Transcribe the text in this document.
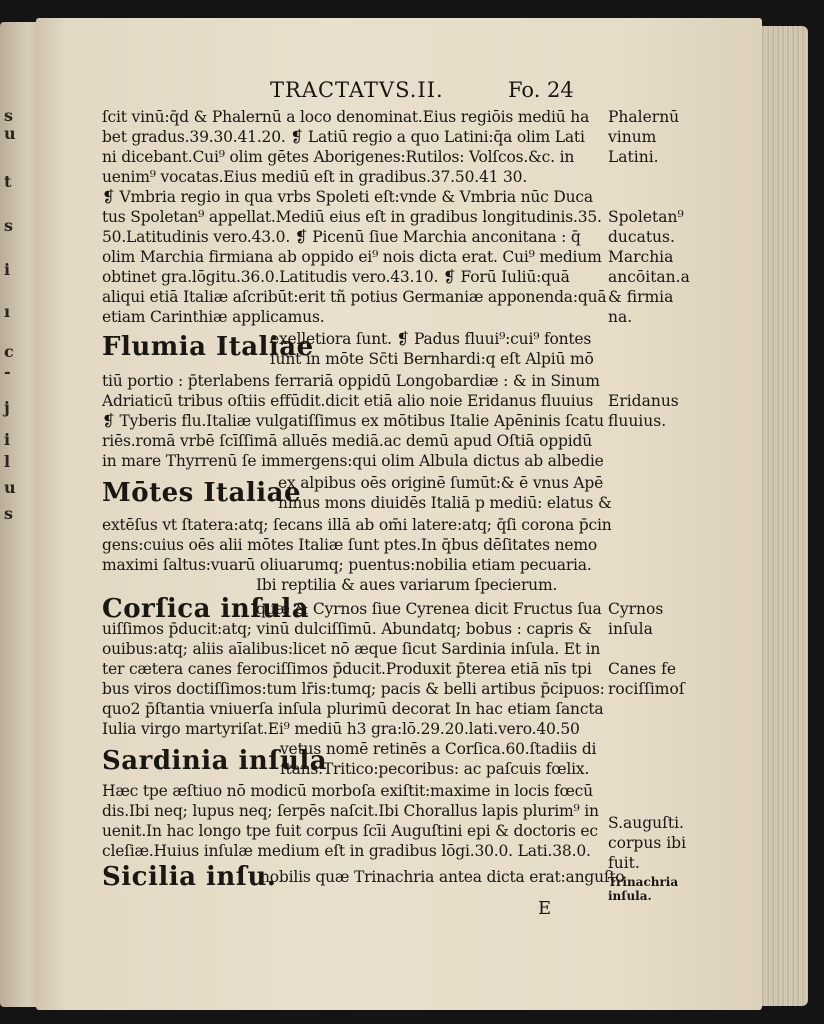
s
u
t
s
i
ı
c
-
j
i
l
u
s
TRACTATVS.II.	Fo. 24
ſcit vinū:q̄d & Phalernū a loco denominat.Eius regiōis mediū ha
bet gradus.39.30.41.20. ❡ Latiū regio a quo Latini:q̄a olim Lati
ni dicebant.Cui⁹ olim gētes Aborigenes:Rutilos: Volſcos.&c. in
uenim⁹ vocatas.Eius mediū eſt in gradibus.37.50.41 30.
❡ Vmbria regio in qua vrbs Spoleti eſt:vnde & Vmbria nūc Duca
tus Spoletan⁹ appellat.Mediū eius eſt in gradibus longitudinis.35.
50.Latitudinis vero.43.0. ❡ Picenū ſiue Marchia anconitana : q̄
olim Marchia firmiana ab oppido ei⁹ nois dicta erat. Cui⁹ medium
obtinet gra.lōgitu.36.0.Latitudis vero.43.10. ❡ Forū Iuliū:quā
aliqui etiā Italiæ aſcribūt:erit tñ potius Germaniæ apponenda:quā
etiam Carinthiæ applicamus.
Flumia Italiae
exelletiora ſunt. ❡ Padus fluui⁹:cui⁹ fontes
ſunt in mōte Sc̄ti Bernhardi:q eſt Alpiū mō
tiū portio : p̄terlabens ferrariā oppidū Longobardiæ : & in Sinum
Adriaticū tribus oſtiis effūdit.dicit etiā alio noie Eridanus fluuius
❡ Tyberis flu.Italiæ vulgatiſſimus ex mōtibus Italie Apēninis ſcatu
riēs.romā vrbē ſcīſſimā alluēs mediā.ac demū apud Oſtiā oppidū
in mare Thyrrenū ſe immergens:qui olim Albula dictus ab albedie
Mōtes Italiae
ex alpibus oēs originē ſumūt:& ē vnus Apē
ninus mons diuidēs Italiā p mediū: elatus &
extēſus vt ſtatera:atq; ſecans illā ab om̄i latere:atq; q̄ſi corona p̄cin
gens:cuius oēs alii mōtes Italiæ ſunt ptes.In q̄bus dēſitates nemo
maximi ſaltus:vuarū oliuarumq; puentus:nobilia etiam pecuaria.
Ibi reptilia & aues variarum ſpecierum.
Corſica inſula
quæ & Cyrnos ſiue Cyrenea dicit Fructus ſua
uiſſimos p̄ducit:atq; vinū dulciſſimū. Abundatq; bobus : capris &
ouibus:atq; aliis aīalibus:licet nō æque ſicut Sardinia inſula. Et in
ter cætera canes ferociſſimos p̄ducit.Produxit p̄terea etiā nīs tpi
bus viros doctiſſimos:tum lr̄is:tumq; pacis & belli artibus p̄cipuos:
quo2 p̄ſtantia vniuerſa inſula plurimū decorat In hac etiam ſancta
Iulia virgo martyriſat.Ei⁹ mediū h3 gra:lō.29.20.lati.vero.40.50
Sardinia inſula
vetus nomē retinēs a Corſica.60.ſtadiis di
ſtans.Tritico:pecoribus: ac paſcuis fœlix.
Hæc tpe æſtiuo nō modicū morboſa exiſtit:maxime in locis fœcū
dis.Ibi neq; lupus neq; ſerpēs naſcit.Ibi Chorallus lapis plurim⁹ in
uenit.In hac longo tpe fuit corpus ſcīi Auguſtini epi & doctoris ec
cleſiæ.Huius inſulæ medium eſt in gradibus lōgi.30.0. Lati.38.0.
Sicilia inſu.
nobilis quæ Trinachria antea dicta erat:anguſto
Phalernū
vinum
Latini.
Spoletan⁹
ducatus.
Marchia
ancōitan.a
& firmia
na.
Eridanus
fluuius.
Cyrnos
inſula
Canes fe
rociſſimoſ
S.auguſti.
corpus ibi
fuit.
Trinachria
inſula.
E
